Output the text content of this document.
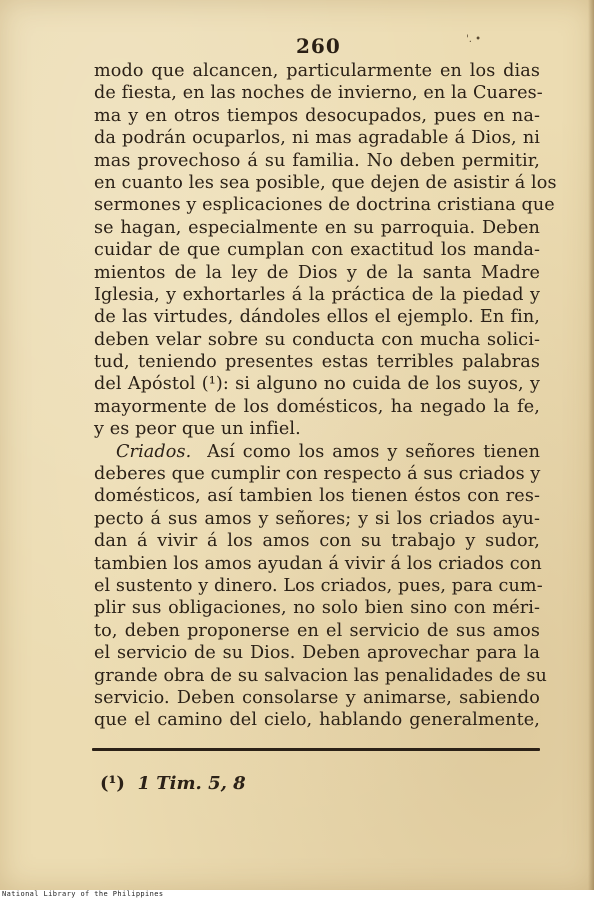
260	'. •
modo que alcancen, particularmente en los dias
de fiesta, en las noches de invierno, en la Cuares-
ma y en otros tiempos desocupados, pues en na-
da podrán ocuparlos, ni mas agradable á Dios, ni
mas provechoso á su familia. No deben permitir,
en cuanto les sea posible, que dejen de asistir á los
sermones y esplicaciones de doctrina cristiana que
se hagan, especialmente en su parroquia. Deben
cuidar de que cumplan con exactitud los manda-
mientos de la ley de Dios y de la santa Madre
Iglesia, y exhortarles á la práctica de la piedad y
de las virtudes, dándoles ellos el ejemplo. En fin,
deben velar sobre su conducta con mucha solici-
tud, teniendo presentes estas terribles palabras
del Apóstol (¹): si alguno no cuida de los suyos, y
mayormente de los domésticos, ha negado la fe,
y es peor que un infiel.
Criados. Así como los amos y señores tienen
deberes que cumplir con respecto á sus criados y
domésticos, así tambien los tienen éstos con res-
pecto á sus amos y señores; y si los criados ayu-
dan á vivir á los amos con su trabajo y sudor,
tambien los amos ayudan á vivir á los criados con
el sustento y dinero. Los criados, pues, para cum-
plir sus obligaciones, no solo bien sino con méri-
to, deben proponerse en el servicio de sus amos
el servicio de su Dios. Deben aprovechar para la
grande obra de su salvacion las penalidades de su
servicio. Deben consolarse y animarse, sabiendo
que el camino del cielo, hablando generalmente,
(¹) 1 Tim. 5, 8
National Library of the Philippines
